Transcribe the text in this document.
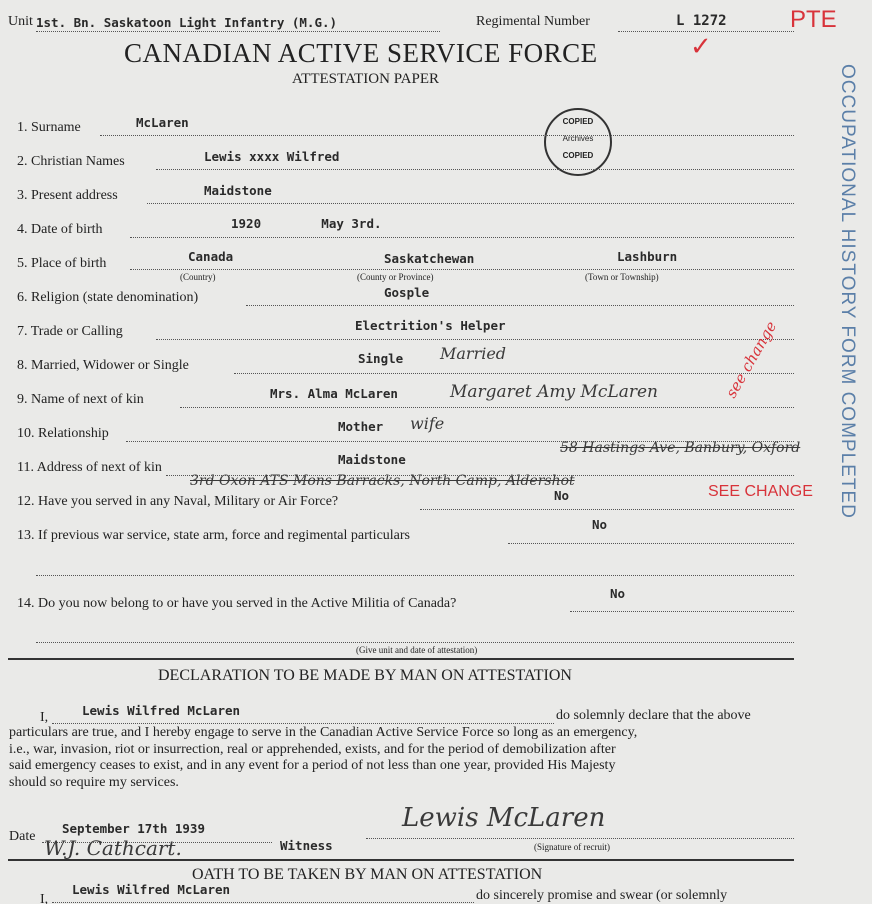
Unit 1st. Bn. Saskatoon Light Infantry (M.G.)	Regimental Number	L 1272	PTE
CANADIAN ACTIVE SERVICE FORCE	✓
ATTESTATION PAPER
COPIED
Archives
COPIED	OCCUPATIONAL HISTORY FORM COMPLETED
1. Surname	McLaren
2. Christian Names	Lewis xxxx Wilfred
3. Present address	Maidstone
4. Date of birth	1920        May 3rd.
5. Place of birth	Canada	Saskatchewan	Lashburn
(Country)	(County or Province)	(Town or Township)
6. Religion (state denomination)	Gosple
7. Trade or Calling	Electrition's Helper
8. Married, Widower or Single	Single Married
9. Name of next of kin	Mrs. Alma McLaren	Margaret Amy McLaren	see change
10. Relationship	Mother wife
11. Address of next of kin
Maidstone
58 Hastings Ave, Banbury, Oxford
3rd Oxon ATS Mons Barracks, North Camp, Aldershot
SEE CHANGE
12. Have you served in any Naval, Military or Air Force?	No
13. If previous war service, state arm, force and regimental particulars
No
14. Do you now belong to or have you served in the Active Militia of Canada?
No
(Give unit and date of attestation)
DECLARATION TO BE MADE BY MAN ON ATTESTATION
I,	Lewis Wilfred McLaren	do solemnly declare that the above
particulars are true, and I hereby engage to serve in the Canadian Active Service Force so long as an emergency,
i.e., war, invasion, riot or insurrection, real or apprehended, exists, and for the period of demobilization after
said emergency ceases to exist, and in any event for a period of not less than one year, provided His Majesty
should so require my services.
Date
September 17th 1939
W.J. Cathcart.	Witness
Lewis McLaren
(Signature of recruit)
OATH TO BE TAKEN BY MAN ON ATTESTATION
I,
Lewis Wilfred McLaren	do sincerely promise and swear (or solemnly
